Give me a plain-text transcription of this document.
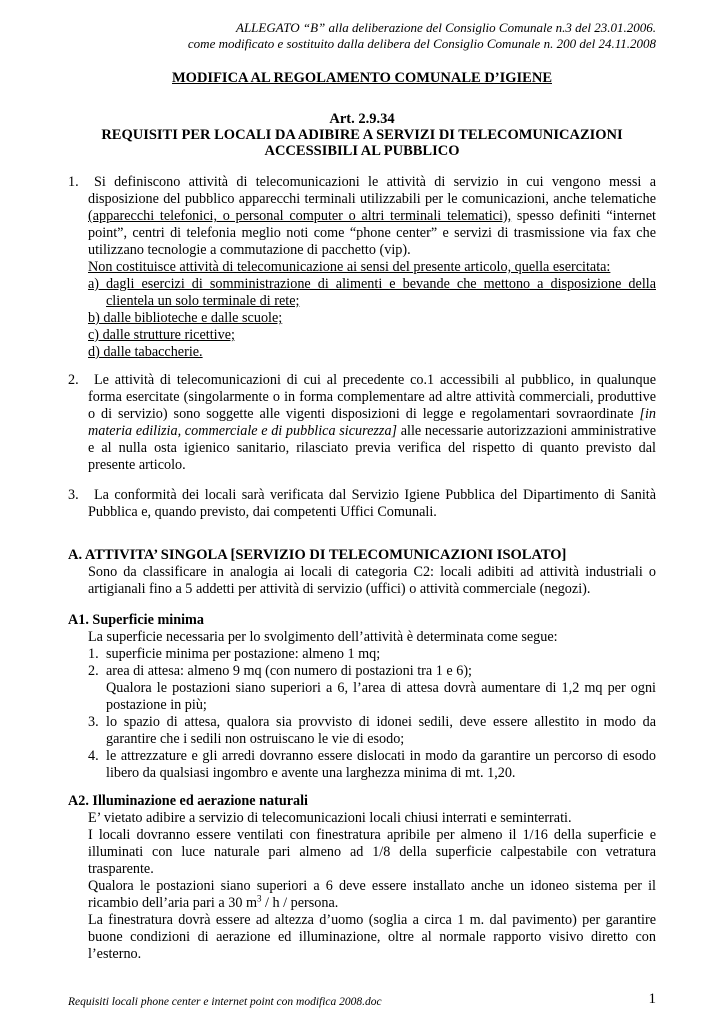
ALLEGATO “B” alla deliberazione del Consiglio Comunale n.3 del 23.01.2006.
come modificato e sostituito dalla delibera del Consiglio Comunale n. 200 del 24.11.2008
MODIFICA AL REGOLAMENTO COMUNALE D’IGIENE
Art. 2.9.34
REQUISITI PER LOCALI DA ADIBIRE A SERVIZI DI TELECOMUNICAZIONI
ACCESSIBILI AL PUBBLICO

1. Si definiscono attività di telecomunicazioni le attività di servizio in cui vengono messi a disposizione del pubblico apparecchi terminali utilizzabili per le comunicazioni, anche telematiche (apparecchi telefonici, o personal computer o altri terminali telematici), spesso definiti “internet point”, centri di telefonia meglio noti come “phone center” e servizi di trasmissione via fax che utilizzano tecnologie a commutazione di pacchetto (vip).

Non costituisce attività di telecomunicazione ai sensi del presente articolo, quella esercitata:

a) dagli esercizi di somministrazione di alimenti e bevande che mettono a disposizione della clientela un solo terminale di rete;

b) dalle biblioteche e dalle scuole;

c) dalle strutture ricettive;

d) dalle tabaccherie.

2. Le attività di telecomunicazioni di cui al precedente co.1 accessibili al pubblico, in qualunque forma esercitate (singolarmente o in forma complementare ad altre attività commerciali, produttive o di servizio) sono soggette alle vigenti disposizioni di legge e regolamentari sovraordinate [in materia edilizia, commerciale e di pubblica sicurezza] alle necessarie autorizzazioni amministrative e al nulla osta igienico sanitario, rilasciato previa verifica del rispetto di quanto previsto dal presente articolo.

3. La conformità dei locali sarà verificata dal Servizio Igiene Pubblica del Dipartimento di Sanità Pubblica e, quando previsto, dai competenti Uffici Comunali.

A. ATTIVITA’ SINGOLA [SERVIZIO DI TELECOMUNICAZIONI ISOLATO]

Sono da classificare in analogia ai locali di categoria C2: locali adibiti ad attività industriali o artigianali fino a 5 addetti per attività di servizio (uffici) o attività commerciale (negozi).

A1. Superficie minima

La superficie necessaria per lo svolgimento dell’attività è determinata come segue:

1. superficie minima per postazione: almeno 1 mq;

2. area di attesa: almeno 9 mq (con numero di postazioni tra 1 e 6);

Qualora le postazioni siano superiori a 6, l’area di attesa dovrà aumentare di 1,2 mq per ogni postazione in più;

3. lo spazio di attesa, qualora sia provvisto di idonei sedili, deve essere allestito in modo da garantire che i sedili non ostruiscano le vie di esodo;

4. le attrezzature e gli arredi dovranno essere dislocati in modo da garantire un percorso di esodo libero da qualsiasi ingombro e avente una larghezza minima di mt. 1,20.

A2. Illuminazione ed aerazione naturali

E’ vietato adibire a servizio di telecomunicazioni locali chiusi interrati e seminterrati.

I locali dovranno essere ventilati con finestratura apribile per almeno il 1/16 della superficie e illuminati con luce naturale pari almeno ad 1/8 della superficie calpestabile con vetratura trasparente.

Qualora le postazioni siano superiori a 6 deve essere installato anche un idoneo sistema per il ricambio dell’aria pari a 30 $m^3$ / h / persona.

La finestratura dovrà essere ad altezza d’uomo (soglia a circa 1 m. dal pavimento) per garantire buone condizioni di aerazione ed illuminazione, oltre al normale rapporto visivo diretto con l’esterno.

Requisiti locali phone center e internet point con modifica 2008.doc	1
